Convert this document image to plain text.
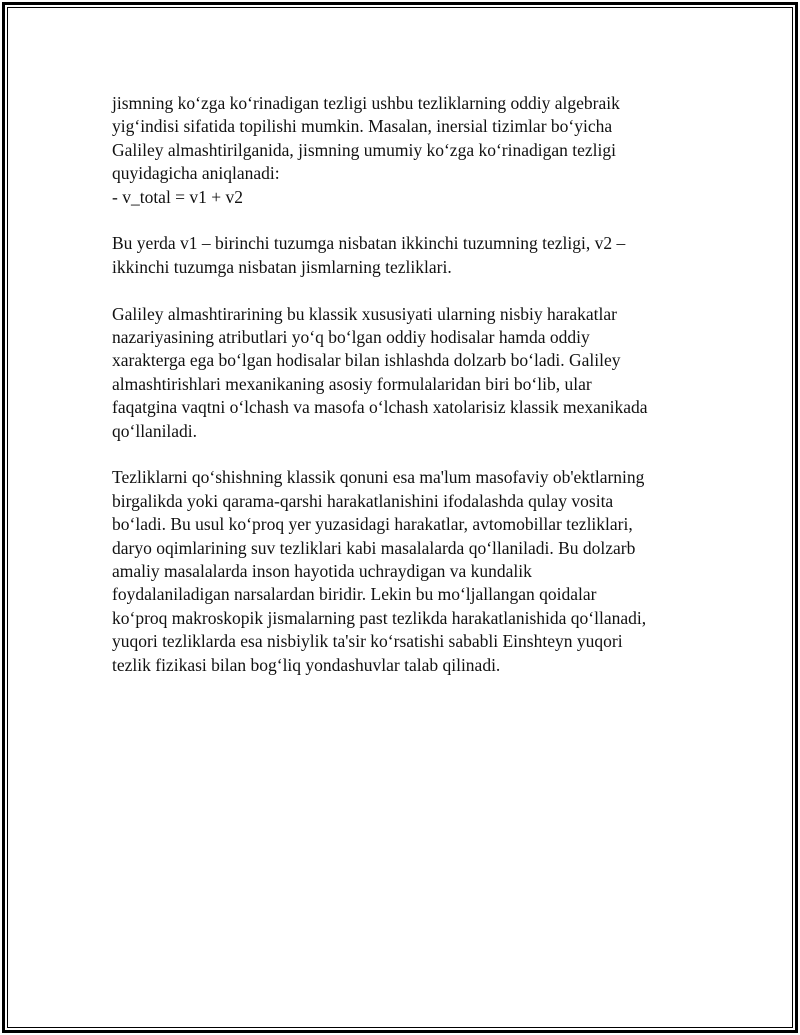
jismning ko‘zga ko‘rinadigan tezligi ushbu tezliklarning oddiy algebraik
yig‘indisi sifatida topilishi mumkin. Masalan, inersial tizimlar bo‘yicha
Galiley almashtirilganida, jismning umumiy ko‘zga ko‘rinadigan tezligi
quyidagicha aniqlanadi:
- v_total = v1 + v2

Bu yerda v1 – birinchi tuzumga nisbatan ikkinchi tuzumning tezligi, v2 –
ikkinchi tuzumga nisbatan jismlarning tezliklari.

Galiley almashtirarining bu klassik xususiyati ularning nisbiy harakatlar
nazariyasining atributlari yo‘q bo‘lgan oddiy hodisalar hamda oddiy
xarakterga ega bo‘lgan hodisalar bilan ishlashda dolzarb bo‘ladi. Galiley
almashtirishlari mexanikaning asosiy formulalaridan biri bo‘lib, ular
faqatgina vaqtni o‘lchash va masofa o‘lchash xatolarisiz klassik mexanikada
qo‘llaniladi.

Tezliklarni qo‘shishning klassik qonuni esa ma'lum masofaviy ob'ektlarning
birgalikda yoki qarama-qarshi harakatlanishini ifodalashda qulay vosita
bo‘ladi. Bu usul ko‘proq yer yuzasidagi harakatlar, avtomobillar tezliklari,
daryo oqimlarining suv tezliklari kabi masalalarda qo‘llaniladi. Bu dolzarb
amaliy masalalarda inson hayotida uchraydigan va kundalik
foydalaniladigan narsalardan biridir. Lekin bu mo‘ljallangan qoidalar
ko‘proq makroskopik jismalarning past tezlikda harakatlanishida qo‘llanadi,
yuqori tezliklarda esa nisbiylik ta'sir ko‘rsatishi sababli Einshteyn yuqori
tezlik fizikasi bilan bog‘liq yondashuvlar talab qilinadi.
